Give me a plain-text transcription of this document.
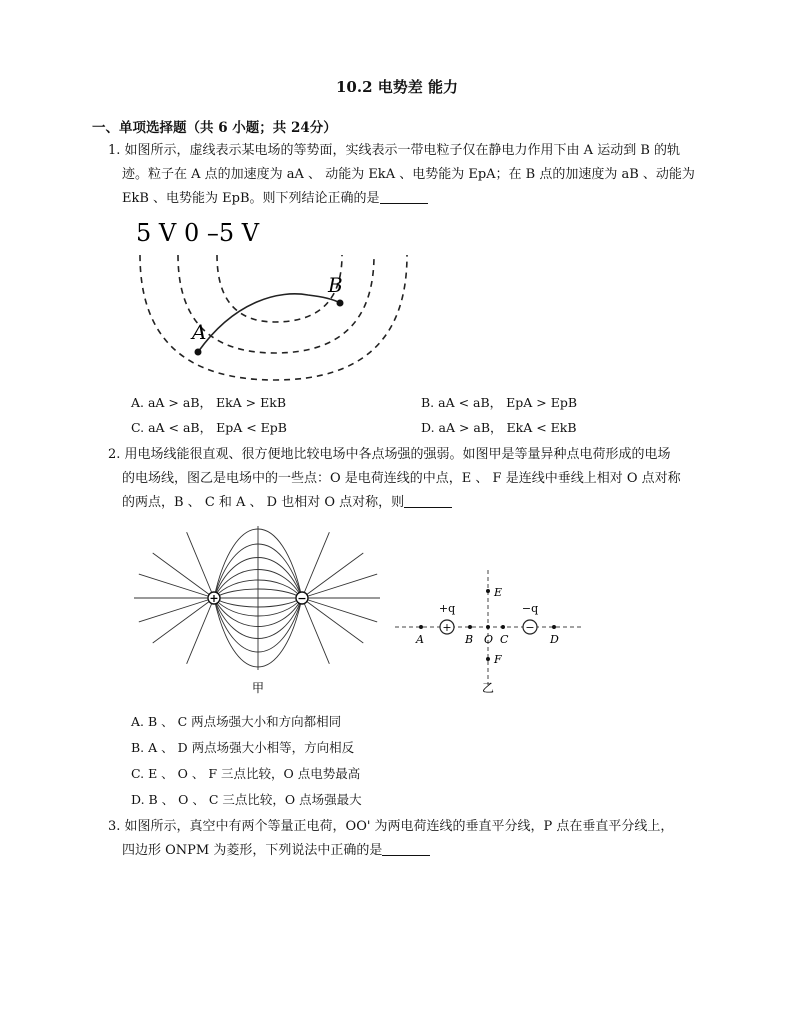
10.2 电势差 能力
一、单项选择题（共 6 小题；共 24分）
1. 如图所示，虚线表示某电场的等势面，实线表示一带电粒子仅在静电力作用下由 A 运动到 B 的轨
迹。粒子在 A 点的加速度为 aA 、 动能为 EkA 、电势能为 EpA；在 B 点的加速度为 aB 、动能为
EkB 、电势能为 EpB。则下列结论正确的是
5 V 0 –5 V
A
B
A. aA > aB， EkA > EkB	B. aA < aB， EpA > EpB
C. aA < aB， EpA < EpB	D. aA > aB， EkA < EkB
2. 用电场线能很直观、很方便地比较电场中各点场强的强弱。如图甲是等量异种点电荷形成的电场
的电场线，图乙是电场中的一些点：O 是电荷连线的中点，E 、 F 是连线中垂线上相对 O 点对称
的两点，B 、 C 和 A 、 D 也相对 O 点对称，则
+	−
甲
+
+q
−
−q
A	B O C	D
E
F
乙
A. B 、 C 两点场强大小和方向都相同
B. A 、 D 两点场强大小相等，方向相反
C. E 、 O 、 F 三点比较，O 点电势最高
D. B 、 O 、 C 三点比较，O 点场强最大
3. 如图所示，真空中有两个等量正电荷，OO' 为两电荷连线的垂直平分线，P 点在垂直平分线上，
四边形 ONPM 为菱形，下列说法中正确的是
